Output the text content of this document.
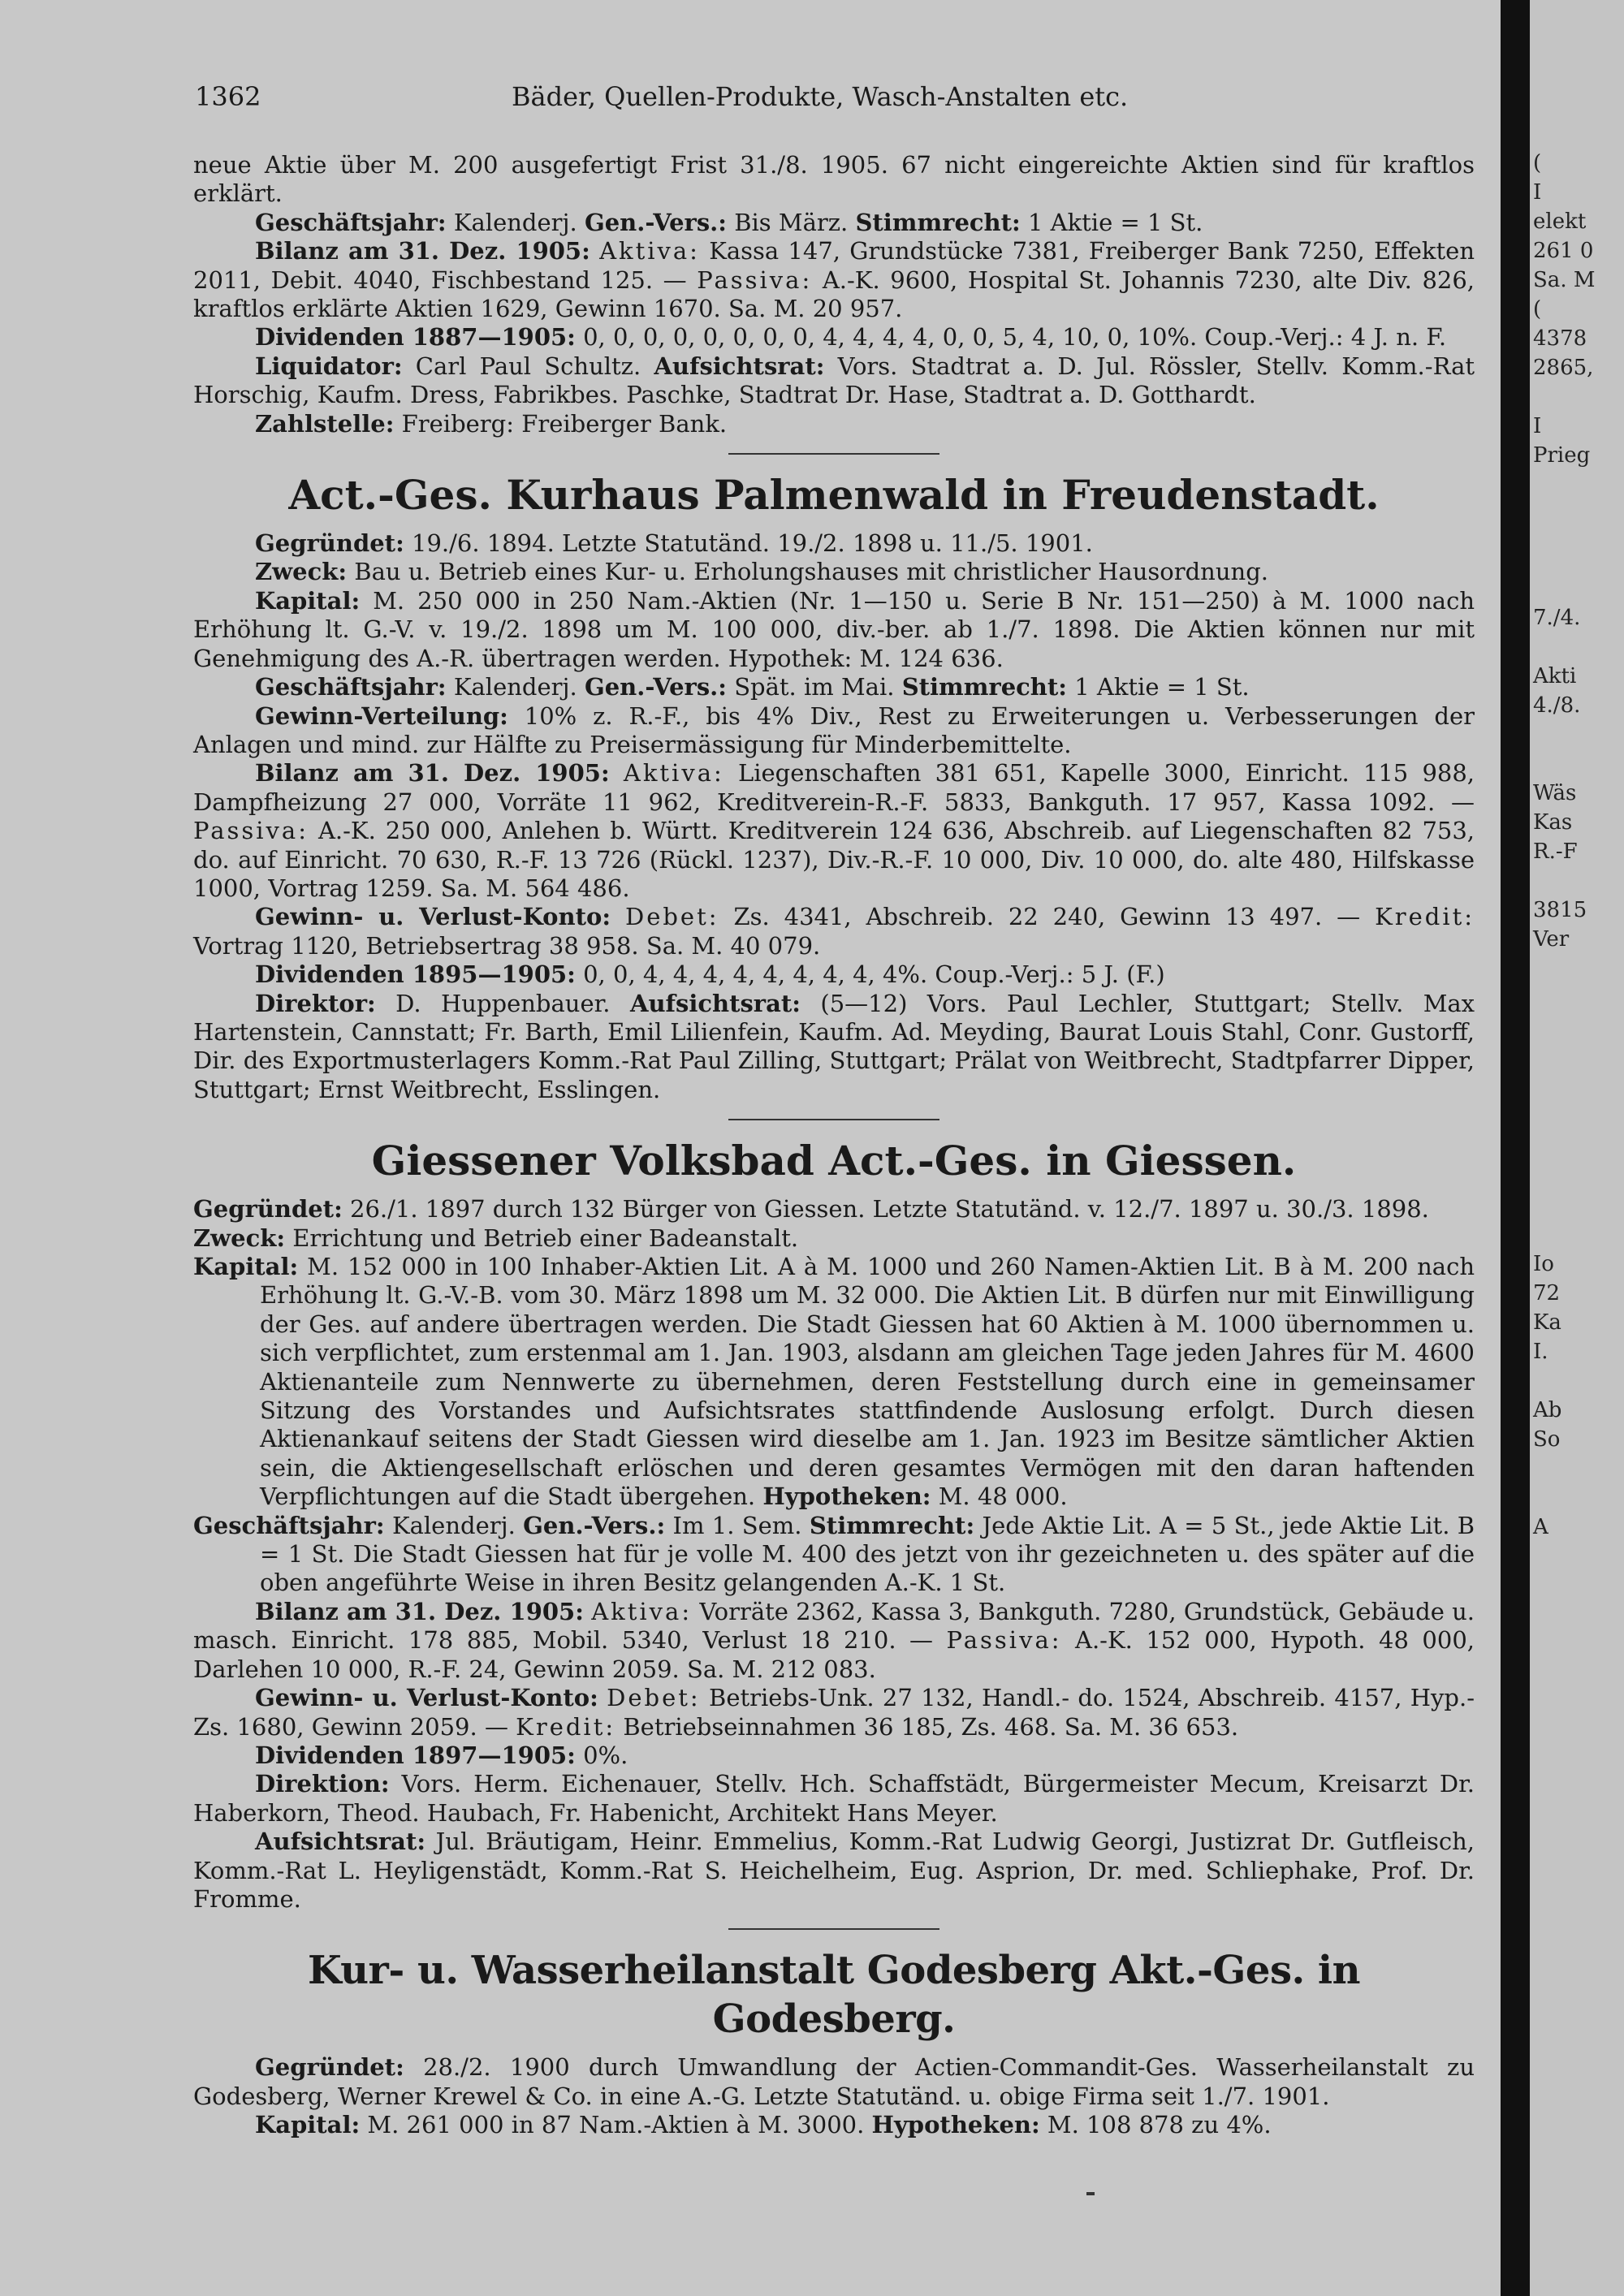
1362	Bäder, Quellen-Produkte, Wasch-Anstalten etc.

neue Aktie über M. 200 ausgefertigt Frist 31./8. 1905. 67 nicht eingereichte Aktien sind für kraftlos erklärt.

Geschäftsjahr: Kalenderj. Gen.-Vers.: Bis März. Stimmrecht: 1 Aktie = 1 St.

Bilanz am 31. Dez. 1905: Aktiva: Kassa 147, Grundstücke 7381, Freiberger Bank 7250, Effekten 2011, Debit. 4040, Fischbestand 125. — Passiva: A.-K. 9600, Hospital St. Johannis 7230, alte Div. 826, kraftlos erklärte Aktien 1629, Gewinn 1670. Sa. M. 20 957.

Dividenden 1887—1905: 0, 0, 0, 0, 0, 0, 0, 0, 4, 4, 4, 4, 0, 0, 5, 4, 10, 0, 10%. Coup.-Verj.: 4 J. n. F.

Liquidator: Carl Paul Schultz. Aufsichtsrat: Vors. Stadtrat a. D. Jul. Rössler, Stellv. Komm.-Rat Horschig, Kaufm. Dress, Fabrikbes. Paschke, Stadtrat Dr. Hase, Stadtrat a. D. Gotthardt.

Zahlstelle: Freiberg: Freiberger Bank.

Act.-Ges. Kurhaus Palmenwald in Freudenstadt.

Gegründet: 19./6. 1894. Letzte Statutänd. 19./2. 1898 u. 11./5. 1901.

Zweck: Bau u. Betrieb eines Kur- u. Erholungshauses mit christlicher Hausordnung.

Kapital: M. 250 000 in 250 Nam.-Aktien (Nr. 1—150 u. Serie B Nr. 151—250) à M. 1000 nach Erhöhung lt. G.-V. v. 19./2. 1898 um M. 100 000, div.-ber. ab 1./7. 1898. Die Aktien können nur mit Genehmigung des A.-R. übertragen werden. Hypothek: M. 124 636.

Geschäftsjahr: Kalenderj. Gen.-Vers.: Spät. im Mai. Stimmrecht: 1 Aktie = 1 St.

Gewinn-Verteilung: 10% z. R.-F., bis 4% Div., Rest zu Erweiterungen u. Verbesserungen der Anlagen und mind. zur Hälfte zu Preisermässigung für Minderbemittelte.

Bilanz am 31. Dez. 1905: Aktiva: Liegenschaften 381 651, Kapelle 3000, Einricht. 115 988, Dampfheizung 27 000, Vorräte 11 962, Kreditverein-R.-F. 5833, Bankguth. 17 957, Kassa 1092. — Passiva: A.-K. 250 000, Anlehen b. Württ. Kreditverein 124 636, Abschreib. auf Liegenschaften 82 753, do. auf Einricht. 70 630, R.-F. 13 726 (Rückl. 1237), Div.-R.-F. 10 000, Div. 10 000, do. alte 480, Hilfskasse 1000, Vortrag 1259. Sa. M. 564 486.

Gewinn- u. Verlust-Konto: Debet: Zs. 4341, Abschreib. 22 240, Gewinn 13 497. — Kredit: Vortrag 1120, Betriebsertrag 38 958. Sa. M. 40 079.

Dividenden 1895—1905: 0, 0, 4, 4, 4, 4, 4, 4, 4, 4, 4%. Coup.-Verj.: 5 J. (F.)

Direktor: D. Huppenbauer. Aufsichtsrat: (5—12) Vors. Paul Lechler, Stuttgart; Stellv. Max Hartenstein, Cannstatt; Fr. Barth, Emil Lilienfein, Kaufm. Ad. Meyding, Baurat Louis Stahl, Conr. Gustorff, Dir. des Exportmusterlagers Komm.-Rat Paul Zilling, Stuttgart; Prälat von Weitbrecht, Stadtpfarrer Dipper, Stuttgart; Ernst Weitbrecht, Esslingen.

Giessener Volksbad Act.-Ges. in Giessen.

Gegründet: 26./1. 1897 durch 132 Bürger von Giessen. Letzte Statutänd. v. 12./7. 1897 u. 30./3. 1898.

Zweck: Errichtung und Betrieb einer Badeanstalt.

Kapital: M. 152 000 in 100 Inhaber-Aktien Lit. A à M. 1000 und 260 Namen-Aktien Lit. B à M. 200 nach Erhöhung lt. G.-V.-B. vom 30. März 1898 um M. 32 000. Die Aktien Lit. B dürfen nur mit Einwilligung der Ges. auf andere übertragen werden. Die Stadt Giessen hat 60 Aktien à M. 1000 übernommen u. sich verpflichtet, zum erstenmal am 1. Jan. 1903, alsdann am gleichen Tage jeden Jahres für M. 4600 Aktienanteile zum Nennwerte zu übernehmen, deren Feststellung durch eine in gemeinsamer Sitzung des Vorstandes und Aufsichtsrates stattfindende Auslosung erfolgt. Durch diesen Aktienankauf seitens der Stadt Giessen wird dieselbe am 1. Jan. 1923 im Besitze sämtlicher Aktien sein, die Aktiengesellschaft erlöschen und deren gesamtes Vermögen mit den daran haftenden Verpflichtungen auf die Stadt übergehen. Hypotheken: M. 48 000.

Geschäftsjahr: Kalenderj. Gen.-Vers.: Im 1. Sem. Stimmrecht: Jede Aktie Lit. A = 5 St., jede Aktie Lit. B = 1 St. Die Stadt Giessen hat für je volle M. 400 des jetzt von ihr gezeichneten u. des später auf die oben angeführte Weise in ihren Besitz gelangenden A.-K. 1 St.

Bilanz am 31. Dez. 1905: Aktiva: Vorräte 2362, Kassa 3, Bankguth. 7280, Grundstück, Gebäude u. masch. Einricht. 178 885, Mobil. 5340, Verlust 18 210. — Passiva: A.-K. 152 000, Hypoth. 48 000, Darlehen 10 000, R.-F. 24, Gewinn 2059. Sa. M. 212 083.

Gewinn- u. Verlust-Konto: Debet: Betriebs-Unk. 27 132, Handl.- do. 1524, Abschreib. 4157, Hyp.-Zs. 1680, Gewinn 2059. — Kredit: Betriebseinnahmen 36 185, Zs. 468. Sa. M. 36 653.

Dividenden 1897—1905: 0%.

Direktion: Vors. Herm. Eichenauer, Stellv. Hch. Schaffstädt, Bürgermeister Mecum, Kreisarzt Dr. Haberkorn, Theod. Haubach, Fr. Habenicht, Architekt Hans Meyer.

Aufsichtsrat: Jul. Bräutigam, Heinr. Emmelius, Komm.-Rat Ludwig Georgi, Justizrat Dr. Gutfleisch, Komm.-Rat L. Heyligenstädt, Komm.-Rat S. Heichelheim, Eug. Asprion, Dr. med. Schliephake, Prof. Dr. Fromme.

Kur- u. Wasserheilanstalt Godesberg Akt.-Ges. in Godesberg.

Gegründet: 28./2. 1900 durch Umwandlung der Actien-Commandit-Ges. Wasserheilanstalt zu Godesberg, Werner Krewel & Co. in eine A.-G. Letzte Statutänd. u. obige Firma seit 1./7. 1901.

Kapital: M. 261 000 in 87 Nam.-Aktien à M. 3000. Hypotheken: M. 108 878 zu 4%.

(
I
elekt
261 0
Sa. M
(
4378
2865,
I
Prieg
7./4.
Akti
4./8.
Wäs
Kas
R.-F
3815
Ver
Io
72
Ka
I.
Ab
So
A
